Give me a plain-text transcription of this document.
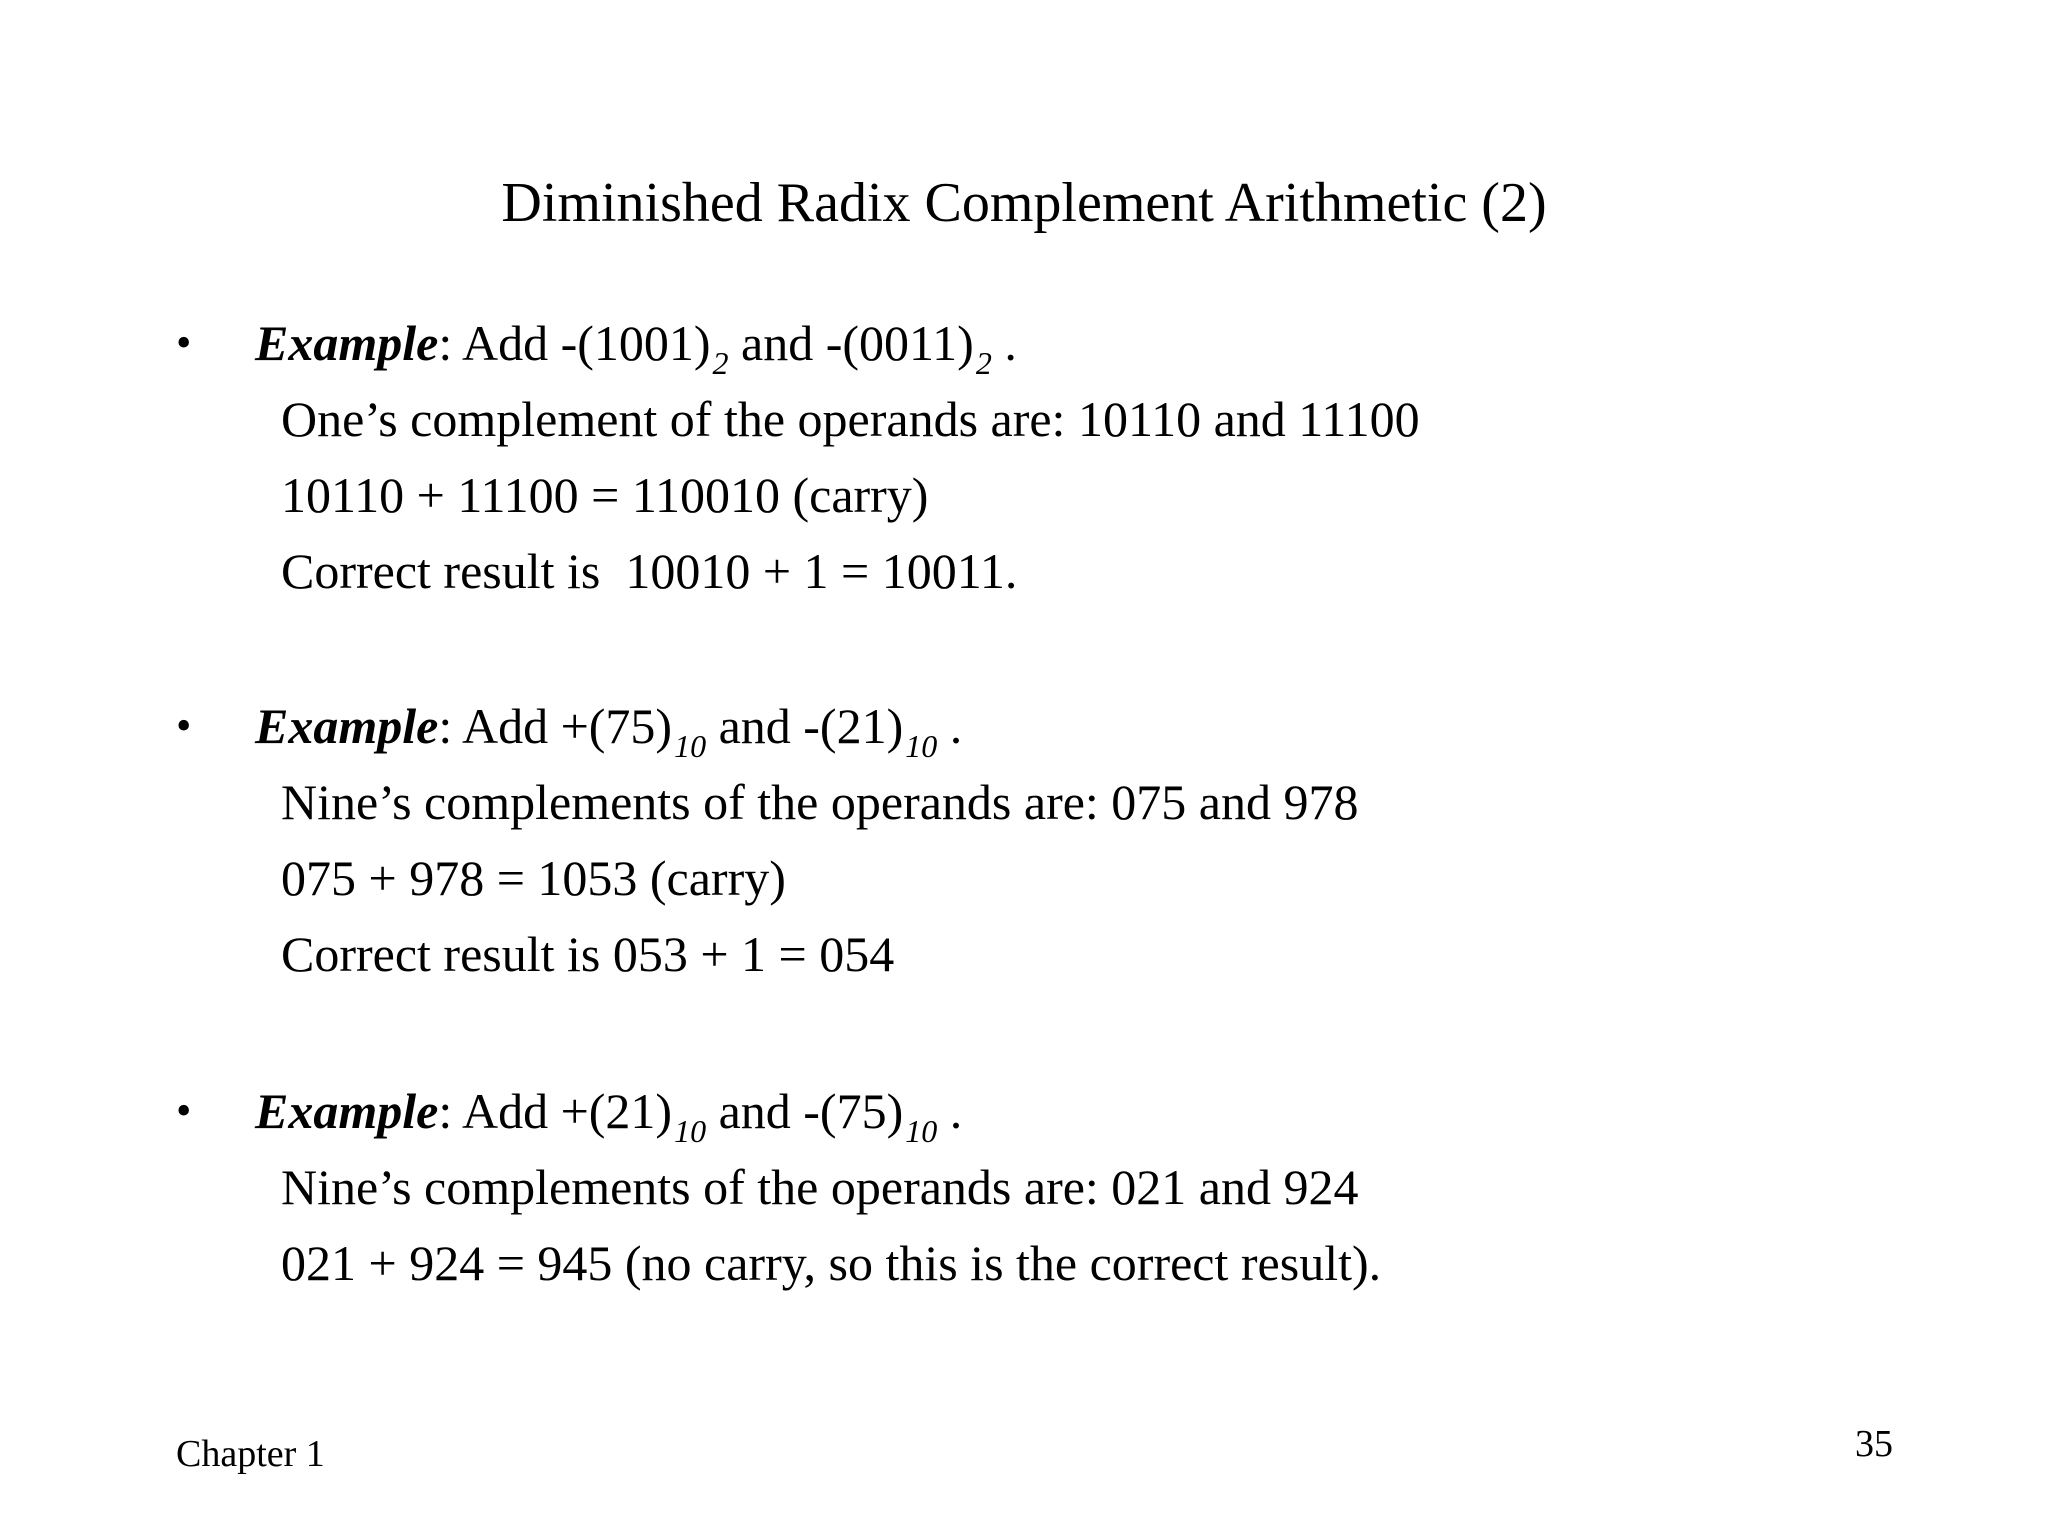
Diminished Radix Complement Arithmetic (2)
• Example: Add $-(1001)_2$ and $-(0011)_2$ .
One’s complement of the operands are: 10110 and 11100
10110 + 11100 = 110010 (carry)
Correct result is  10010 + 1 = 10011.
• Example: Add $+(75)_{10}$ and $-(21)_{10}$ .
Nine’s complements of the operands are: 075 and 978
075 + 978 = 1053 (carry)
Correct result is 053 + 1 = 054
• Example: Add $+(21)_{10}$ and $-(75)_{10}$ .
Nine’s complements of the operands are: 021 and 924
021 + 924 = 945 (no carry, so this is the correct result).
Chapter 1	35
